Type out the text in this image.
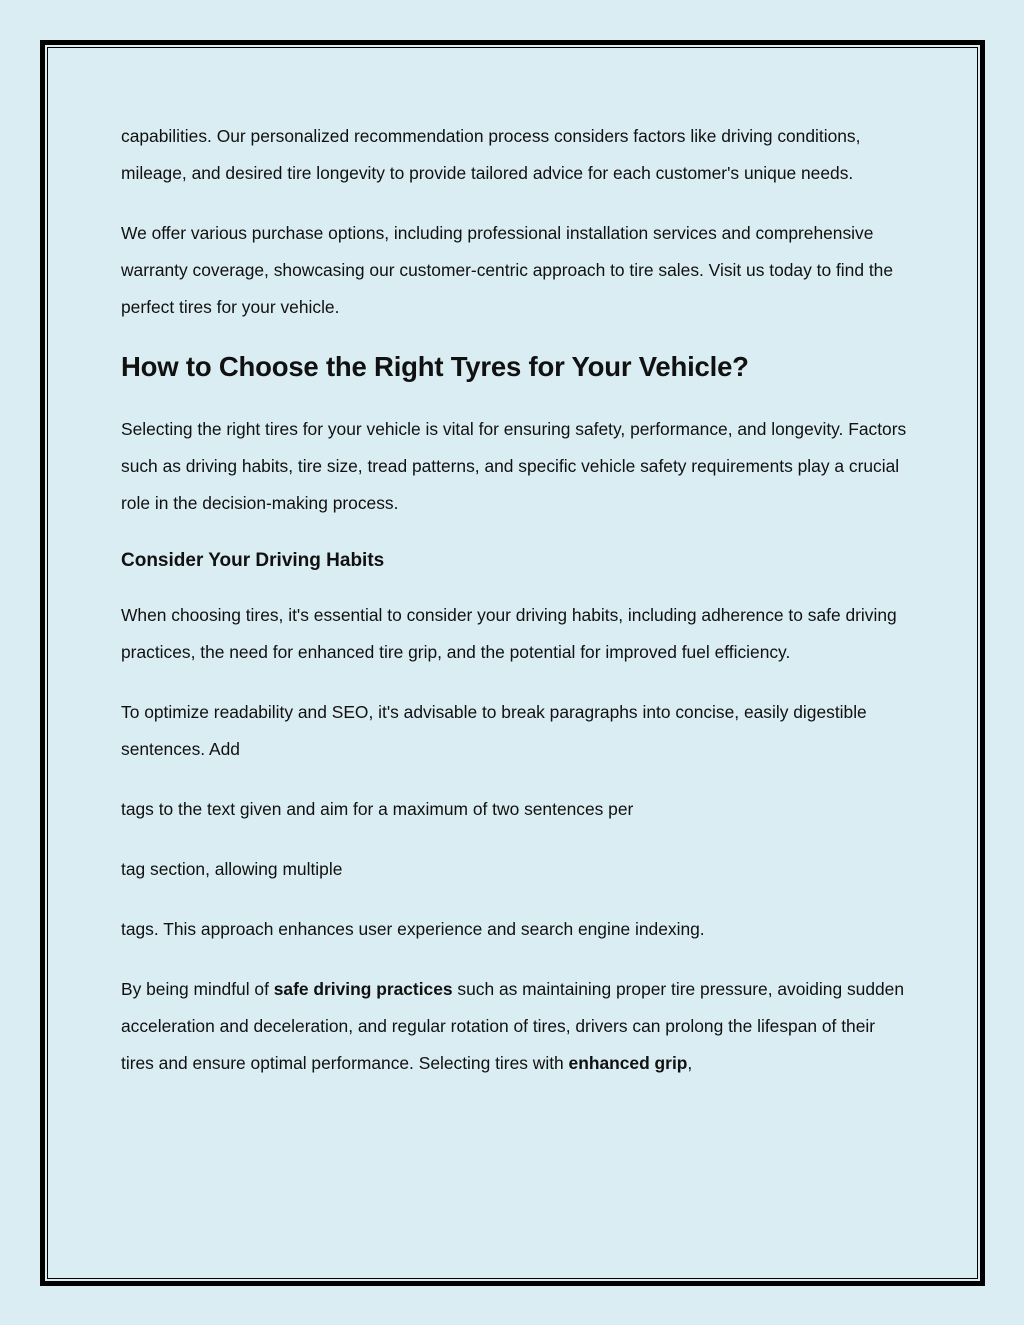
capabilities. Our personalized recommendation process considers factors like driving conditions, mileage, and desired tire longevity to provide tailored advice for each customer's unique needs.

We offer various purchase options, including professional installation services and comprehensive warranty coverage, showcasing our customer-centric approach to tire sales. Visit us today to find the perfect tires for your vehicle.

How to Choose the Right Tyres for Your Vehicle?

Selecting the right tires for your vehicle is vital for ensuring safety, performance, and longevity. Factors such as driving habits, tire size, tread patterns, and specific vehicle safety requirements play a crucial role in the decision-making process.

Consider Your Driving Habits

When choosing tires, it's essential to consider your driving habits, including adherence to safe driving practices, the need for enhanced tire grip, and the potential for improved fuel efficiency.

To optimize readability and SEO, it's advisable to break paragraphs into concise, easily digestible sentences. Add

tags to the text given and aim for a maximum of two sentences per

tag section, allowing multiple

tags. This approach enhances user experience and search engine indexing.

By being mindful of safe driving practices such as maintaining proper tire pressure, avoiding sudden acceleration and deceleration, and regular rotation of tires, drivers can prolong the lifespan of their tires and ensure optimal performance. Selecting tires with enhanced grip,
